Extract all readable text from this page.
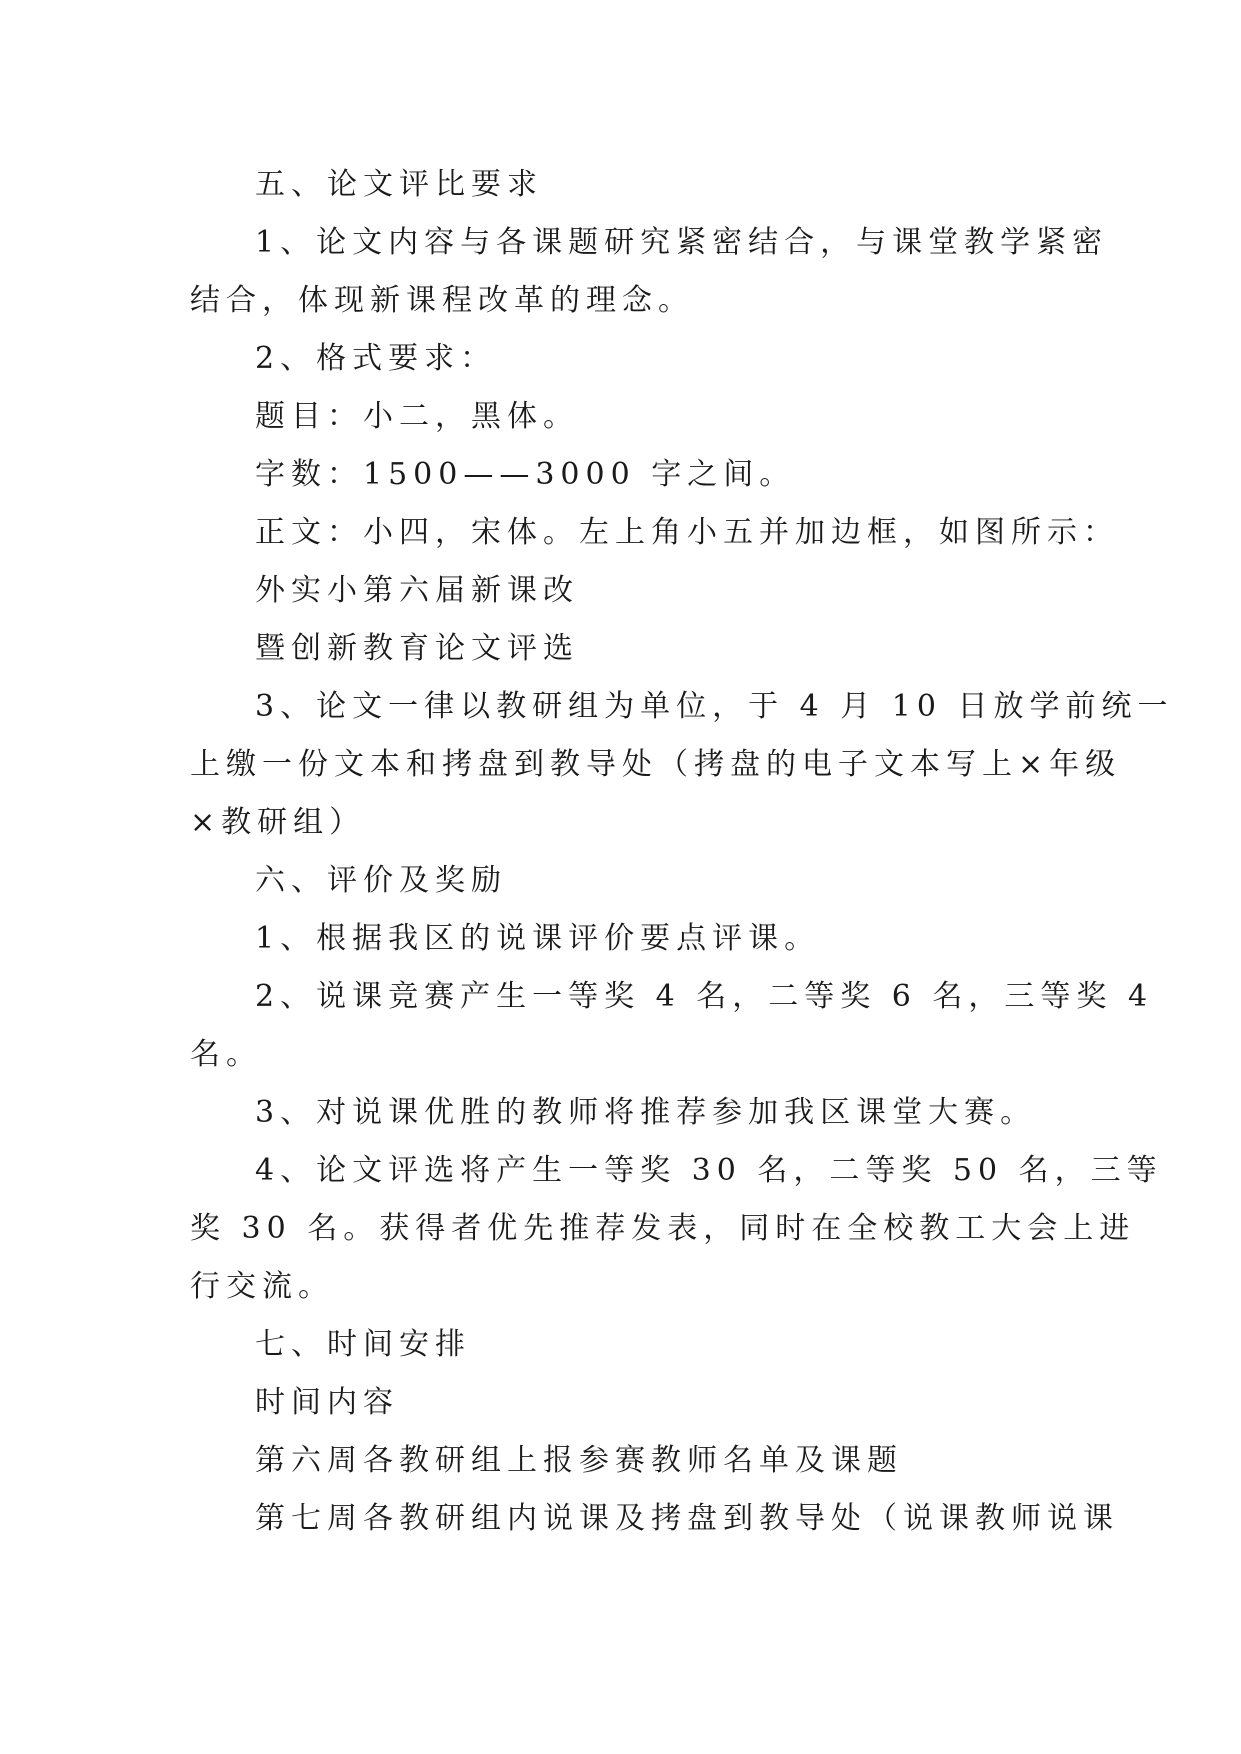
五、论文评比要求
1、论文内容与各课题研究紧密结合，与课堂教学紧密
结合，体现新课程改革的理念。
2、格式要求：
题目：小二，黑体。
字数：1500——3000 字之间。
正文：小四，宋体。左上角小五并加边框，如图所示：
外实小第六届新课改
暨创新教育论文评选
3、论文一律以教研组为单位，于 4 月 10 日放学前统一
上缴一份文本和拷盘到教导处（拷盘的电子文本写上×年级
×教研组）
六、评价及奖励
1、根据我区的说课评价要点评课。
2、说课竞赛产生一等奖 4 名，二等奖 6 名，三等奖 4
名。
3、对说课优胜的教师将推荐参加我区课堂大赛。
4、论文评选将产生一等奖 30 名，二等奖 50 名，三等
奖 30 名。获得者优先推荐发表，同时在全校教工大会上进
行交流。
七、时间安排
时间内容
第六周各教研组上报参赛教师名单及课题
第七周各教研组内说课及拷盘到教导处（说课教师说课
